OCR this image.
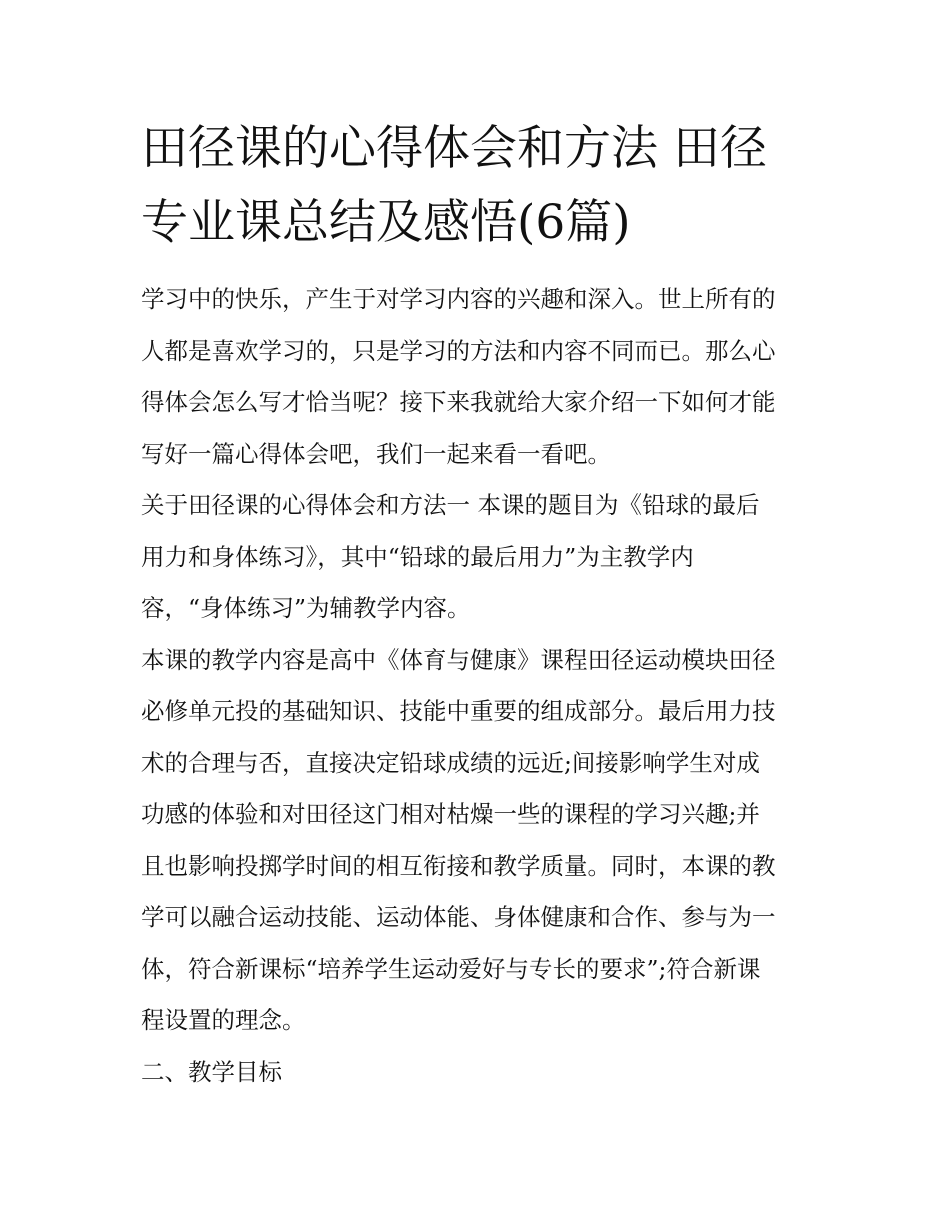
田径课的心得体会和方法 田径
专业课总结及感悟(6篇)
学习中的快乐，产生于对学习内容的兴趣和深入。世上所有的
人都是喜欢学习的，只是学习的方法和内容不同而已。那么心
得体会怎么写才恰当呢？接下来我就给大家介绍一下如何才能
写好一篇心得体会吧，我们一起来看一看吧。
关于田径课的心得体会和方法一 本课的题目为《铅球的最后
用力和身体练习》，其中“铅球的最后用力”为主教学内
容，“身体练习”为辅教学内容。
本课的教学内容是高中《体育与健康》课程田径运动模块田径
必修单元投的基础知识、技能中重要的组成部分。最后用力技
术的合理与否，直接决定铅球成绩的远近;间接影响学生对成
功感的体验和对田径这门相对枯燥一些的课程的学习兴趣;并
且也影响投掷学时间的相互衔接和教学质量。同时，本课的教
学可以融合运动技能、运动体能、身体健康和合作、参与为一
体，符合新课标“培养学生运动爱好与专长的要求”;符合新课
程设置的理念。
二、教学目标
